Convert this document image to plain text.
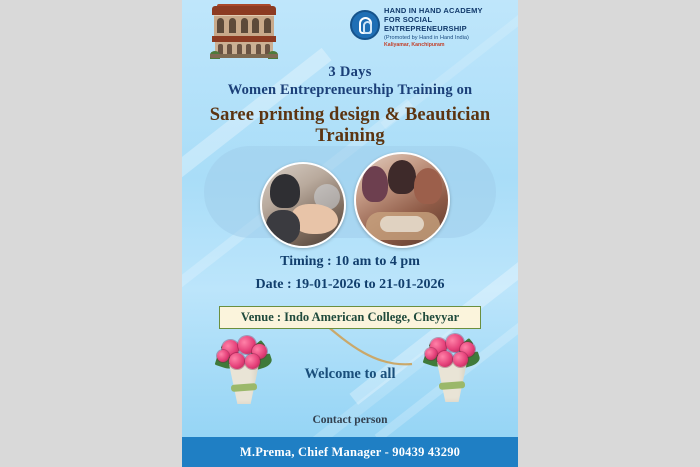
HAND IN HAND ACADEMY
FOR SOCIAL ENTREPRENEURSHIP
(Promoted by Hand in Hand India)
Kaliyamar, Kanchipuram
3 Days
Women Entrepreneurship Training on
Saree printing design & Beautician Training
Timing : 10 am to 4 pm
Date : 19-01-2026 to 21-01-2026
Venue : Indo American College, Cheyyar
Welcome to all
Contact person
M.Prema, Chief Manager - 90439 43290
